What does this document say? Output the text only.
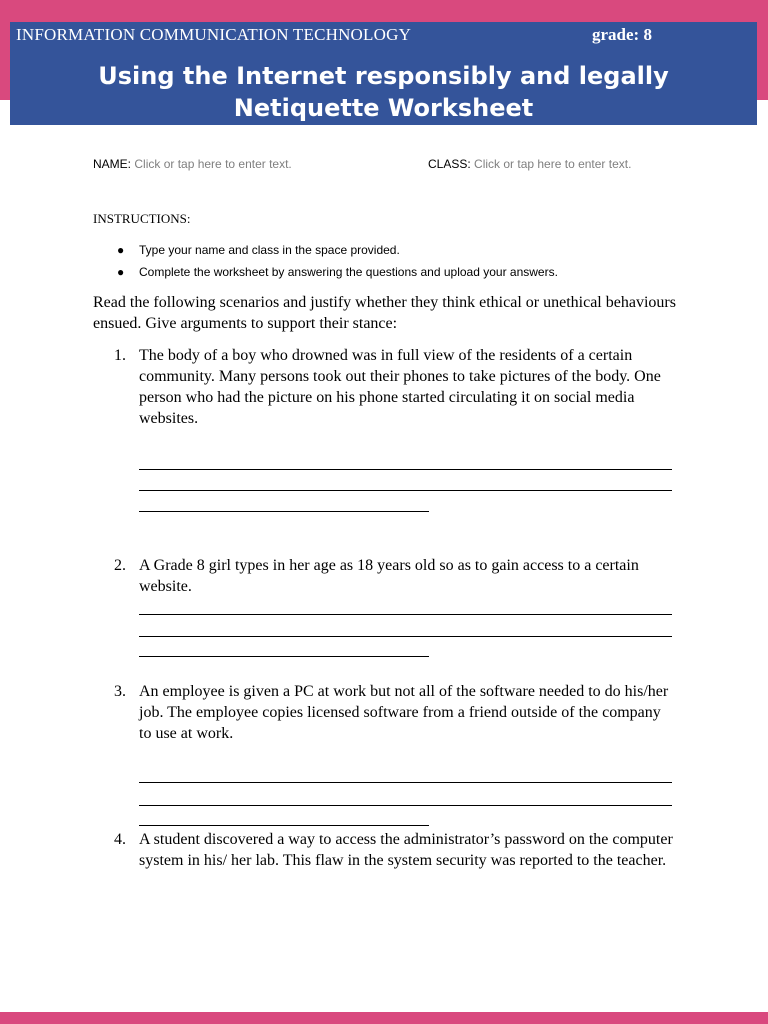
INFORMATION COMMUNICATION TECHNOLOGY	grade: 8
Using the Internet responsibly and legally
Netiquette Worksheet
NAME: Click or tap here to enter text.	CLASS: Click or tap here to enter text.
INSTRUCTIONS:
● Type your name and class in the space provided.
● Complete the worksheet by answering the questions and upload your answers.
Read the following scenarios and justify whether they think ethical or unethical behaviours ensued. Give arguments to support their stance:
1. The body of a boy who drowned was in full view of the residents of a certain community. Many persons took out their phones to take pictures of the body. One person who had the picture on his phone started circulating it on social media websites.
2. A Grade 8 girl types in her age as 18 years old so as to gain access to a certain website.
3. An employee is given a PC at work but not all of the software needed to do his/her job. The employee copies licensed software from a friend outside of the company to use at work.
4. A student discovered a way to access the administrator’s password on the computer system in his/ her lab. This flaw in the system security was reported to the teacher.
